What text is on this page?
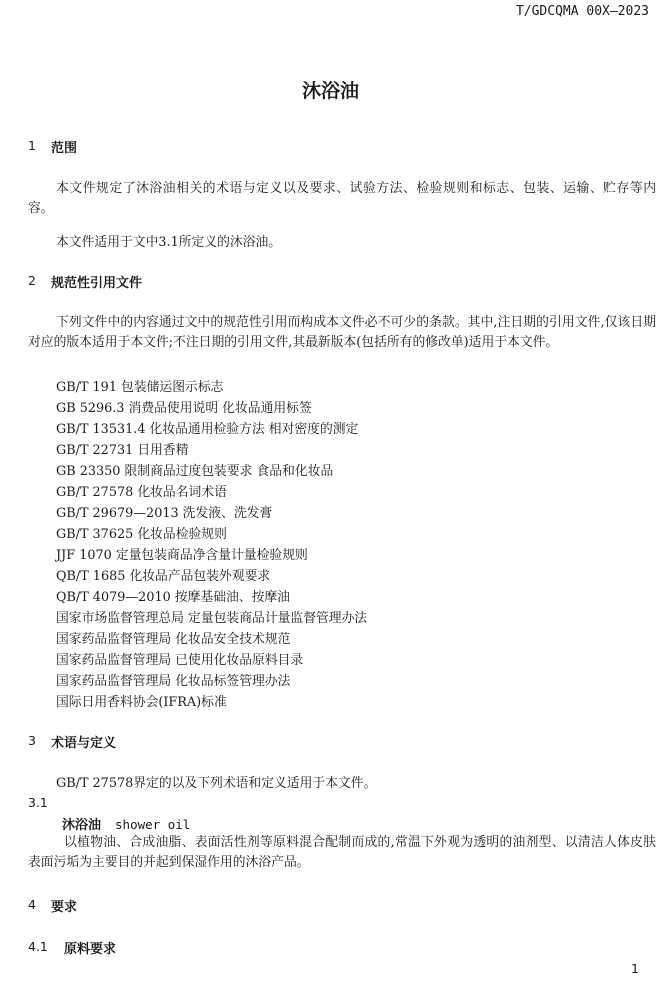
T/GDCQMA 00X—2023
沐浴油
1 范围
本文件规定了沐浴油相关的术语与定义以及要求、试验方法、检验规则和标志、包装、运输、贮存等内容。
本文件适用于文中3.1所定义的沐浴油。
2 规范性引用文件
下列文件中的内容通过文中的规范性引用而构成本文件必不可少的条款。其中,注日期的引用文件,仅该日期对应的版本适用于本文件;不注日期的引用文件,其最新版本(包括所有的修改单)适用于本文件。
GB/T 191 包装储运图示标志
GB 5296.3 消费品使用说明 化妆品通用标签
GB/T 13531.4 化妆品通用检验方法 相对密度的测定
GB/T 22731 日用香精
GB 23350 限制商品过度包装要求 食品和化妆品
GB/T 27578 化妆品名词术语
GB/T 29679—2013 洗发液、洗发膏
GB/T 37625 化妆品检验规则
JJF 1070 定量包装商品净含量计量检验规则
QB/T 1685 化妆品产品包装外观要求
QB/T 4079—2010 按摩基础油、按摩油
国家市场监督管理总局 定量包装商品计量监督管理办法
国家药品监督管理局 化妆品安全技术规范
国家药品监督管理局 已使用化妆品原料目录
国家药品监督管理局 化妆品标签管理办法
国际日用香料协会(IFRA)标准
3 术语与定义
GB/T 27578界定的以及下列术语和定义适用于本文件。
3.1
沐浴油 shower oil
以植物油、合成油脂、表面活性剂等原料混合配制而成的,常温下外观为透明的油剂型、以清洁人体皮肤表面污垢为主要目的并起到保湿作用的沐浴产品。
4 要求
4.1 原料要求
1
